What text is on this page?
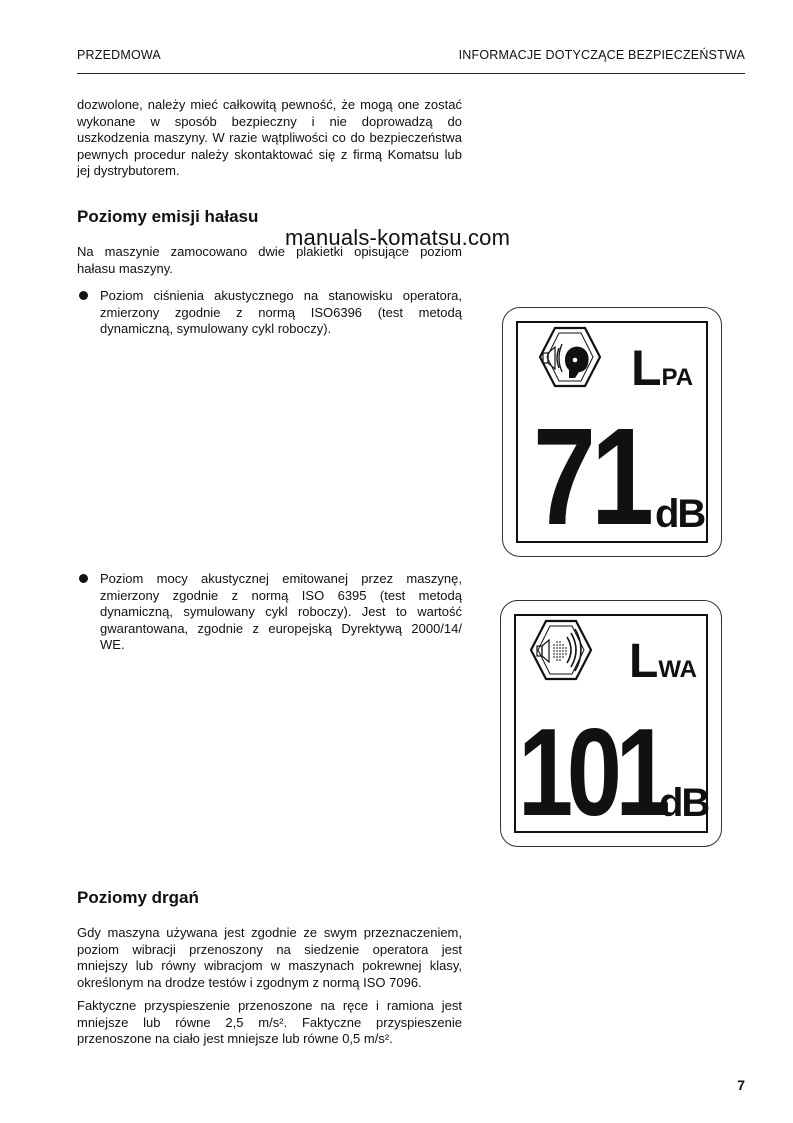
PRZEDMOWA	INFORMACJE DOTYCZĄCE BEZPIECZEŃSTWA
dozwolone, należy mieć całkowitą pewność, że mogą one zostać
wykonane w sposób bezpieczny i nie doprowadzą do
uszkodzenia maszyny. W razie wątpliwości co do bezpieczeństwa
pewnych procedur należy skontaktować się z firmą Komatsu lub
jej dystrybutorem.
Poziomy emisji hałasu
manuals-komatsu.com
Na maszynie zamocowano dwie plakietki opisujące poziom
hałasu maszyny.
Poziom ciśnienia akustycznego na stanowisku operatora,
zmierzony zgodnie z normą ISO6396 (test metodą
dynamiczną, symulowany cykl roboczy).
LPA
71 dB
Poziom mocy akustycznej emitowanej przez maszynę,
zmierzony zgodnie z normą ISO 6395 (test metodą
dynamiczną, symulowany cykl roboczy). Jest to wartość
gwarantowana, zgodnie z europejską Dyrektywą 2000/14/
WE.	LWA
101
dB
Poziomy drgań
Gdy maszyna używana jest zgodnie ze swym przeznaczeniem,
poziom wibracji przenoszony na siedzenie operatora jest
mniejszy lub równy wibracjom w maszynach pokrewnej klasy,
określonym na drodze testów i zgodnym z normą ISO 7096.
Faktyczne przyspieszenie przenoszone na ręce i ramiona jest
mniejsze lub równe 2,5 m/s². Faktyczne przyspieszenie
przenoszone na ciało jest mniejsze lub równe 0,5 m/s².
7
